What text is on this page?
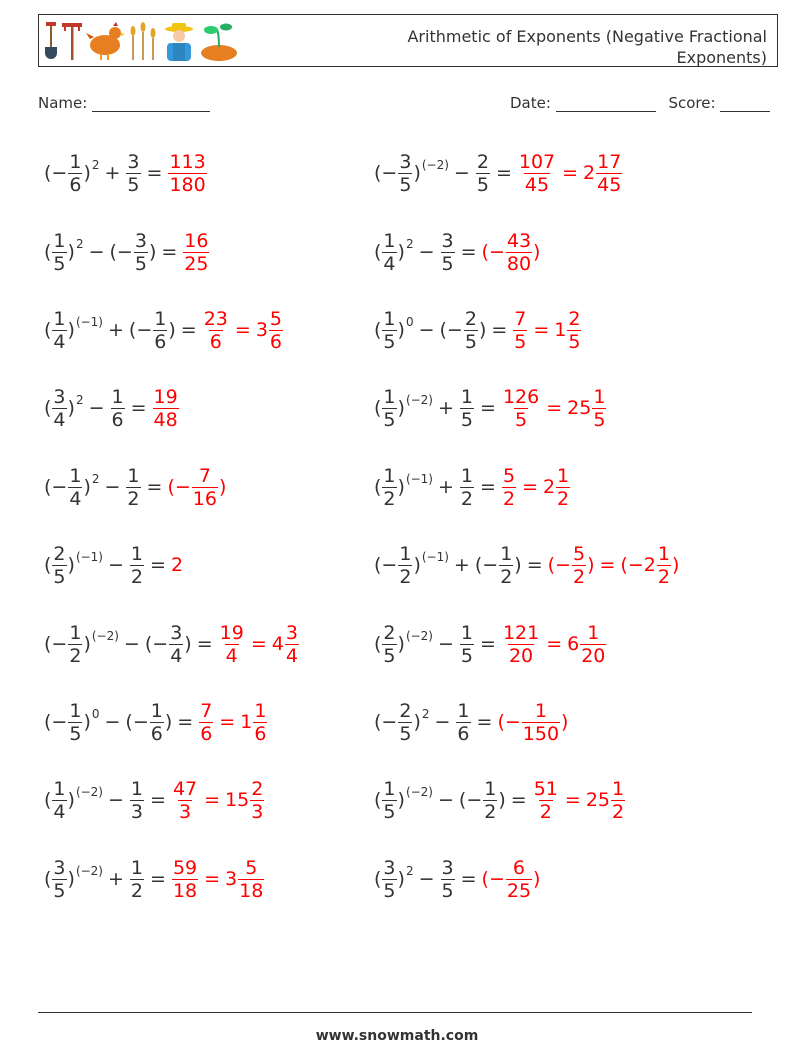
Arithmetic of Exponents (Negative Fractional Exponents)
Name:	Date:	Score:
(− $\frac{1}{6} )^2 + \frac{3}{5} = \frac{113}{180}$
( $\frac{1}{5} )^2$ − (− $\frac{3}{5}$ ) = $\frac{16}{25}$
( $\frac{1}{4} )^{(-1)}$ + (− $\frac{1}{6}$ ) = $\frac{23}{6} = 3 \frac{5}{6}$
( $\frac{3}{4} )^2 - \frac{1}{6} = \frac{19}{48}$
(− $\frac{1}{4} )^2 - \frac{1}{2}$ = ( − $\frac{7}{16}$ )
( $\frac{2}{5} )^{(-1)} - \frac{1}{2} = 2$
(− $\frac{1}{2} )^{(-2)}$ − (− $\frac{3}{4}$ ) = $\frac{19}{4} = 4 \frac{3}{4}$
(− $\frac{1}{5} )^0$ − (− $\frac{1}{6}$ ) = $\frac{7}{6} = 1 \frac{1}{6}$
( $\frac{1}{4} )^{(-2)} - \frac{1}{3} = \frac{47}{3} = 15 \frac{2}{3}$
( $\frac{3}{5} )^{(-2)} + \frac{1}{2} = \frac{59}{18} = 3 \frac{5}{18}$
(− $\frac{3}{5} )^{(-2)} - \frac{2}{5} = \frac{107}{45} = 2 \frac{17}{45}$
( $\frac{1}{4} )^2 - \frac{3}{5}$ = ( − $\frac{43}{80}$ )
( $\frac{1}{5} )^0$ − (− $\frac{2}{5}$ ) = $\frac{7}{5} = 1 \frac{2}{5}$
( $\frac{1}{5} )^{(-2)} + \frac{1}{5} = \frac{126}{5} = 25 \frac{1}{5}$
( $\frac{1}{2} )^{(-1)} + \frac{1}{2} = \frac{5}{2} = 2 \frac{1}{2}$
(− $\frac{1}{2} )^{(-1)}$ + (− $\frac{1}{2}$ ) = ( − $\frac{5}{2}$ ) = ( − $2 \frac{1}{2}$ )
( $\frac{2}{5} )^{(-2)} - \frac{1}{5} = \frac{121}{20} = 6 \frac{1}{20}$
(− $\frac{2}{5} )^2 - \frac{1}{6}$ = ( − $\frac{1}{150}$ )
( $\frac{1}{5} )^{(-2)}$ − (− $\frac{1}{2}$ ) = $\frac{51}{2} = 25 \frac{1}{2}$
( $\frac{3}{5} )^2 - \frac{3}{5}$ = ( − $\frac{6}{25}$ )
www.snowmath.com
